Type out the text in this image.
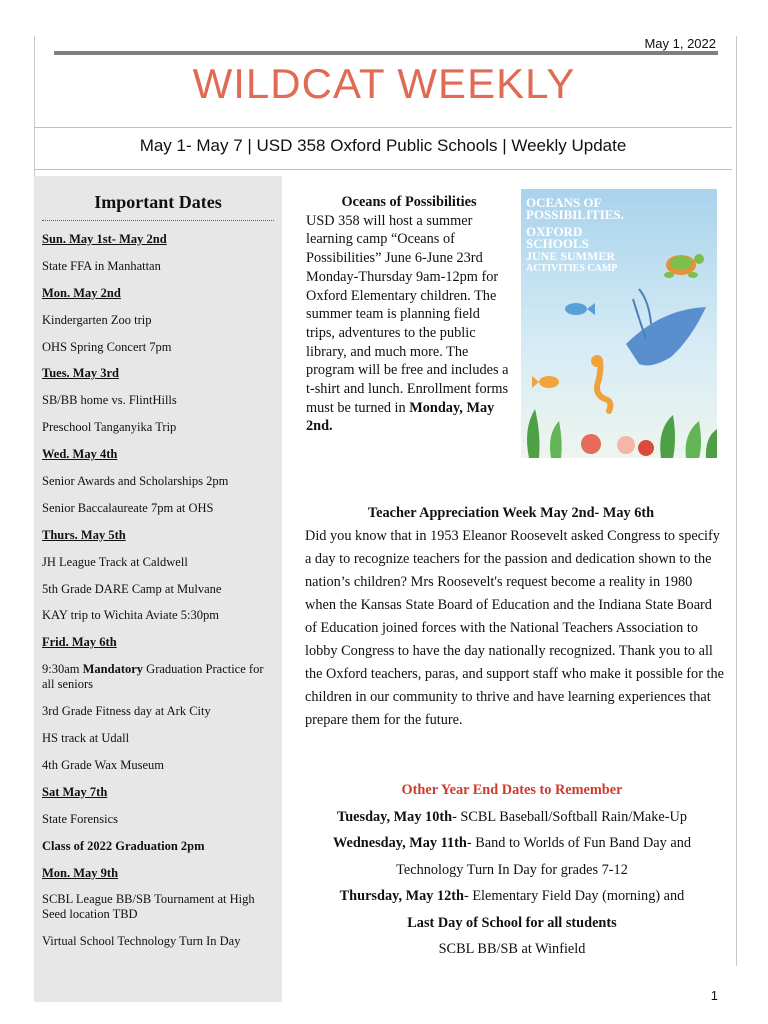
May 1, 2022
WILDCAT WEEKLY
May 1- May 7 | USD 358 Oxford Public Schools | Weekly Update
Important Dates
Sun. May 1st- May 2nd
State FFA in Manhattan
Mon. May 2nd
Kindergarten Zoo trip
OHS Spring Concert 7pm
Tues. May 3rd
SB/BB home vs. FlintHills
Preschool Tanganyika Trip
Wed. May 4th
Senior Awards and Scholarships 2pm
Senior Baccalaureate 7pm at OHS
Thurs. May 5th
JH League Track at Caldwell
5th Grade DARE Camp at Mulvane
KAY trip to Wichita Aviate 5:30pm
Frid. May 6th
9:30am Mandatory Graduation Practice for all seniors
3rd Grade Fitness day at Ark City
HS track at Udall
4th Grade Wax Museum
Sat May 7th
State Forensics
Class of 2022 Graduation 2pm
Mon. May 9th
SCBL League BB/SB Tournament at High Seed location TBD
Virtual School Technology Turn In Day
Oceans of Possibilities
USD 358 will host a summer learning camp “Oceans of Possibilities” June 6-June 23rd Monday-Thursday 9am-12pm for Oxford Elementary children. The summer team is planning field trips, adventures to the public library, and much more. The program will be free and includes a t-shirt and lunch. Enrollment forms must be turned in Monday, May 2nd.
OCEANS OF
POSSIBILITIES.
OXFORD
SCHOOLS
JUNE SUMMER
ACTIVITIES CAMP
Teacher Appreciation Week May 2nd- May 6th
Did you know that in 1953 Eleanor Roosevelt asked Congress to specify a day to recognize teachers for the passion and dedication shown to the nation’s children? Mrs Roosevelt's request become a reality in 1980 when the Kansas State Board of Education and the Indiana State Board of Education joined forces with the National Teachers Association to lobby Congress to have the day nationally recognized. Thank you to all the Oxford teachers, paras, and support staff who make it possible for the children in our community to thrive and have learning experiences that prepare them for the future.
Other Year End Dates to Remember
Tuesday, May 10th- SCBL Baseball/Softball Rain/Make-Up
Wednesday, May 11th- Band to Worlds of Fun Band Day and
Technology Turn In Day for grades 7-12
Thursday, May 12th- Elementary Field Day (morning) and
Last Day of School for all students
SCBL BB/SB at Winfield
1
